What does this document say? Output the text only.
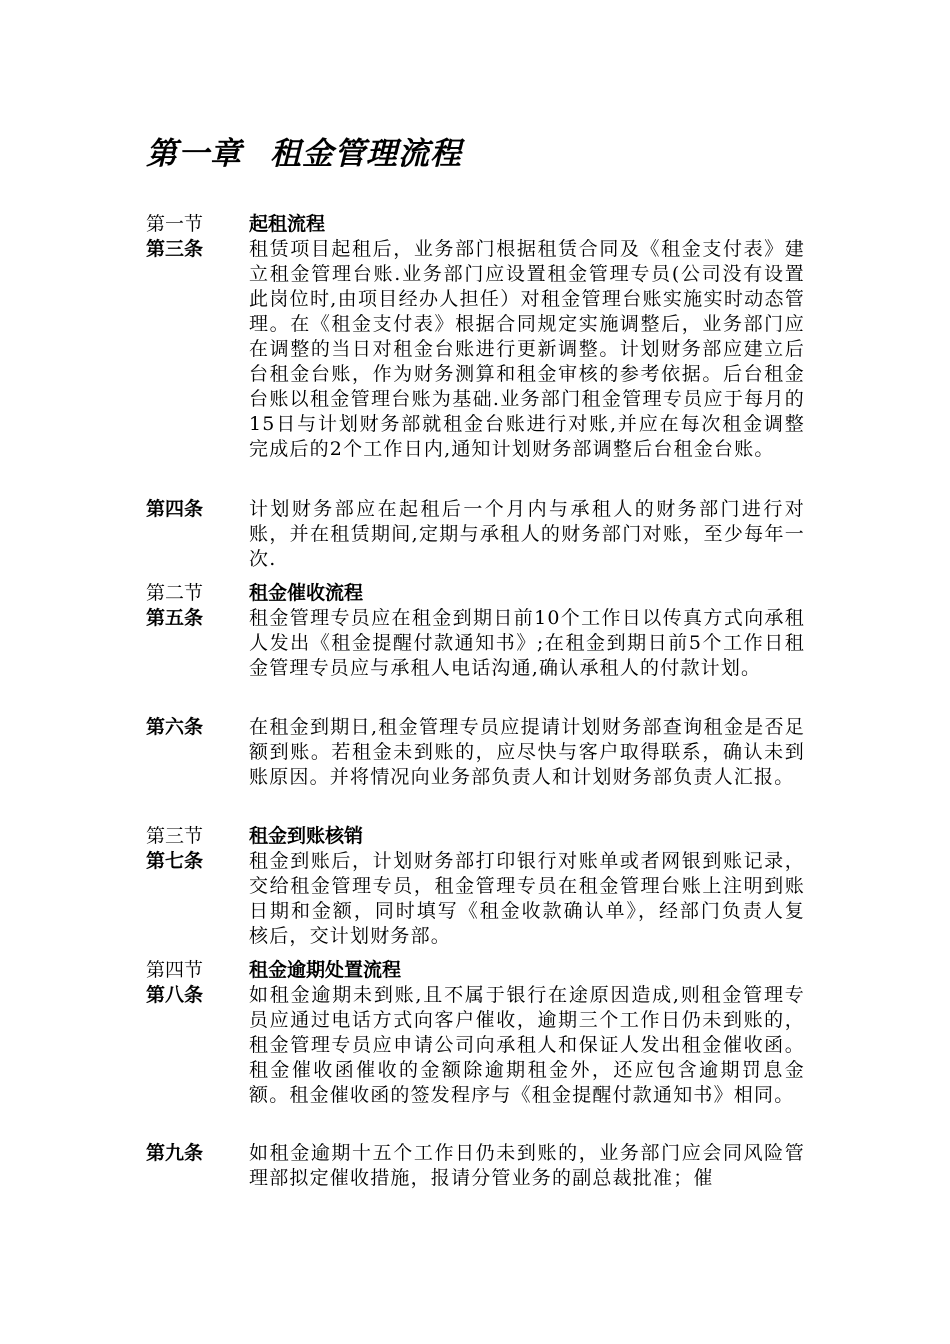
第一章 租金管理流程
第一节	起租流程
第三条	租赁项目起租后，业务部门根据租赁合同及《租金支付表》建立租金管理台账.业务部门应设置租金管理专员(公司没有设置此岗位时,由项目经办人担任）对租金管理台账实施实时动态管理。在《租金支付表》根据合同规定实施调整后，业务部门应在调整的当日对租金台账进行更新调整。计划财务部应建立后台租金台账，作为财务测算和租金审核的参考依据。后台租金台账以租金管理台账为基础.业务部门租金管理专员应于每月的15日与计划财务部就租金台账进行对账,并应在每次租金调整完成后的2个工作日内,通知计划财务部调整后台租金台账。
第四条	计划财务部应在起租后一个月内与承租人的财务部门进行对账，并在租赁期间,定期与承租人的财务部门对账，至少每年一次.
第二节	租金催收流程
第五条	租金管理专员应在租金到期日前10个工作日以传真方式向承租人发出《租金提醒付款通知书》;在租金到期日前5个工作日租金管理专员应与承租人电话沟通,确认承租人的付款计划。
第六条	在租金到期日,租金管理专员应提请计划财务部查询租金是否足额到账。若租金未到账的，应尽快与客户取得联系，确认未到账原因。并将情况向业务部负责人和计划财务部负责人汇报。
第三节	租金到账核销
第七条	租金到账后，计划财务部打印银行对账单或者网银到账记录，交给租金管理专员，租金管理专员在租金管理台账上注明到账日期和金额，同时填写《租金收款确认单》，经部门负责人复核后，交计划财务部。
第四节	租金逾期处置流程
第八条	如租金逾期未到账,且不属于银行在途原因造成,则租金管理专员应通过电话方式向客户催收，逾期三个工作日仍未到账的，租金管理专员应申请公司向承租人和保证人发出租金催收函。租金催收函催收的金额除逾期租金外，还应包含逾期罚息金额。租金催收函的签发程序与《租金提醒付款通知书》相同。
第九条	如租金逾期十五个工作日仍未到账的，业务部门应会同风险管理部拟定催收措施，报请分管业务的副总裁批准；催
